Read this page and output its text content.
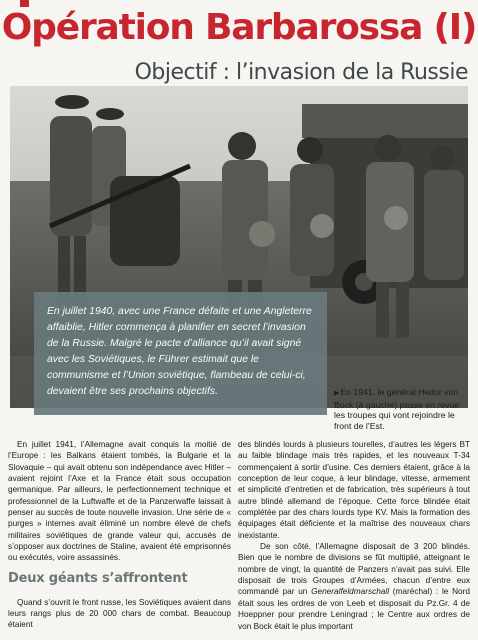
Opération Barbarossa (I)
Objectif : l’invasion de la Russie
En juillet 1940, avec une France défaite et une Angleterre affaiblie, Hitler commença à planifier en secret l’invasion de la Russie. Malgré le pacte d’alliance qu’il avait signé avec les Soviétiques, le Führer estimait que le communisme et l’Union soviétique, flambeau de celui-ci, devaient être ses prochains objectifs.	▶En 1941, le général Hedor von Bock (à gauche) passe en revue les troupes qui vont rejoindre le front de l’Est.

En juillet 1941, l’Allemagne avait conquis la moitié de l’Europe : les Balkans étaient tombés, la Bulgarie et la Slovaquie – qui avait obtenu son indépendance avec Hitler – avaient rejoint l’Axe et la France était sous occupation germanique. Par ailleurs, le perfectionnement technique et professionnel de la Luftwaffe et de la Panzerwaffe laissait à penser au succès de toute nouvelle invasion. Une série de « purges » internes avait éliminé un nombre élevé de chefs militaires soviétiques de grande valeur qui, accusés de s’opposer aux doctrines de Staline, avaient été emprisonnés ou exécutés, voire assassinés.

Deux géants s’affrontent

Quand s’ouvrit le front russe, les Soviétiques avaient dans leurs rangs plus de 20 000 chars de combat. Beaucoup étaient

des blindés lourds à plusieurs tourelles, d’autres les légers BT au faible blindage mais très rapides, et les nouveaux T-34 commençaient à sortir d’usine. Ces derniers étaient, grâce à la conception de leur coque, à leur blindage, vitesse, armement et simplicité d’entretien et de fabrication, très supérieurs à tout autre blindé allemand de l’époque. Cette force blindée était complétée par des chars lourds type KV. Mais la formation des équipages était déficiente et la maîtrise des nouveaux chars inexistante.

De son côté, l’Allemagne disposait de 3 200 blindés. Bien que le nombre de divisions se fût multiplié, atteignant le nombre de vingt, la quantité de Panzers n’avait pas suivi. Elle disposait de trois Groupes d’Armées, chacun d’entre eux commandé par un Generalfeldmarschall (maréchal) : le Nord était sous les ordres de von Leeb et disposait du Pz.Gr. 4 de Hoeppner pour prendre Leningrad ; le Centre aux ordres de von Bock était le plus important
